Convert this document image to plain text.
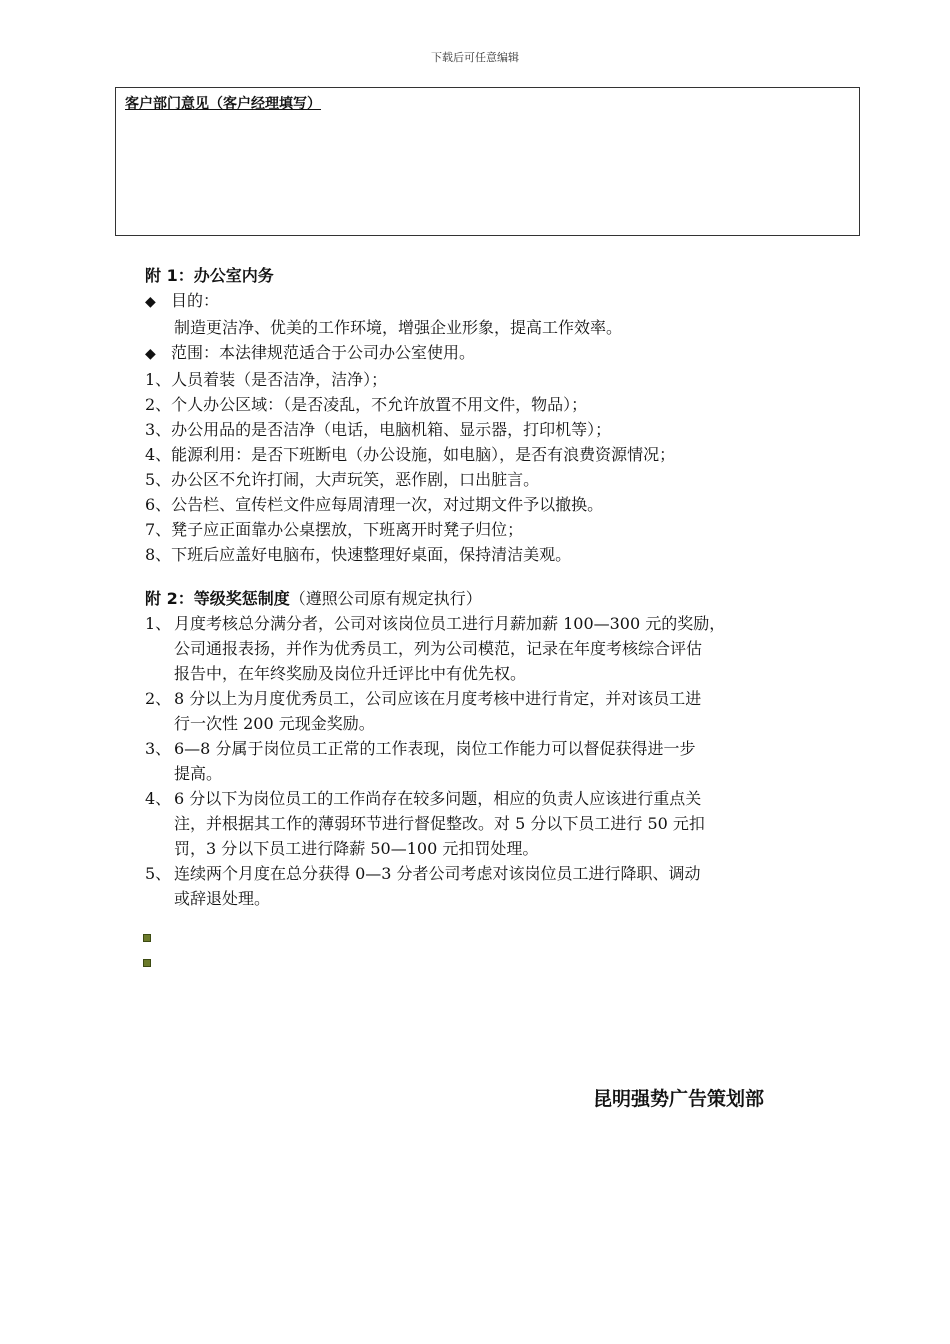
下载后可任意编辑
客户部门意见（客户经理填写）
附 1：办公室内务
◆ 目的：
制造更洁净、优美的工作环境，增强企业形象，提高工作效率。
◆ 范围：本法律规范适合于公司办公室使用。
1、人员着装（是否洁净，洁净）；
2、个人办公区域：（是否凌乱，不允许放置不用文件，物品）；
3、办公用品的是否洁净（电话，电脑机箱、显示器，打印机等）；
4、能源利用：是否下班断电（办公设施，如电脑），是否有浪费资源情况；
5、办公区不允许打闹，大声玩笑，恶作剧，口出脏言。
6、公告栏、宣传栏文件应每周清理一次，对过期文件予以撤换。
7、凳子应正面靠办公桌摆放，下班离开时凳子归位；
8、下班后应盖好电脑布，快速整理好桌面，保持清洁美观。
附 2：等级奖惩制度（遵照公司原有规定执行）
1、 月度考核总分满分者，公司对该岗位员工进行月薪加薪 100—300 元的奖励，
公司通报表扬，并作为优秀员工，列为公司模范，记录在年度考核综合评估
报告中，在年终奖励及岗位升迁评比中有优先权。
2、 8 分以上为月度优秀员工，公司应该在月度考核中进行肯定，并对该员工进
行一次性 200 元现金奖励。
3、 6—8 分属于岗位员工正常的工作表现，岗位工作能力可以督促获得进一步
提高。
4、 6 分以下为岗位员工的工作尚存在较多问题，相应的负责人应该进行重点关
注，并根据其工作的薄弱环节进行督促整改。对 5 分以下员工进行 50 元扣
罚，3 分以下员工进行降薪 50—100 元扣罚处理。
5、 连续两个月度在总分获得 0—3 分者公司考虑对该岗位员工进行降职、调动
或辞退处理。
昆明强势广告策划部
